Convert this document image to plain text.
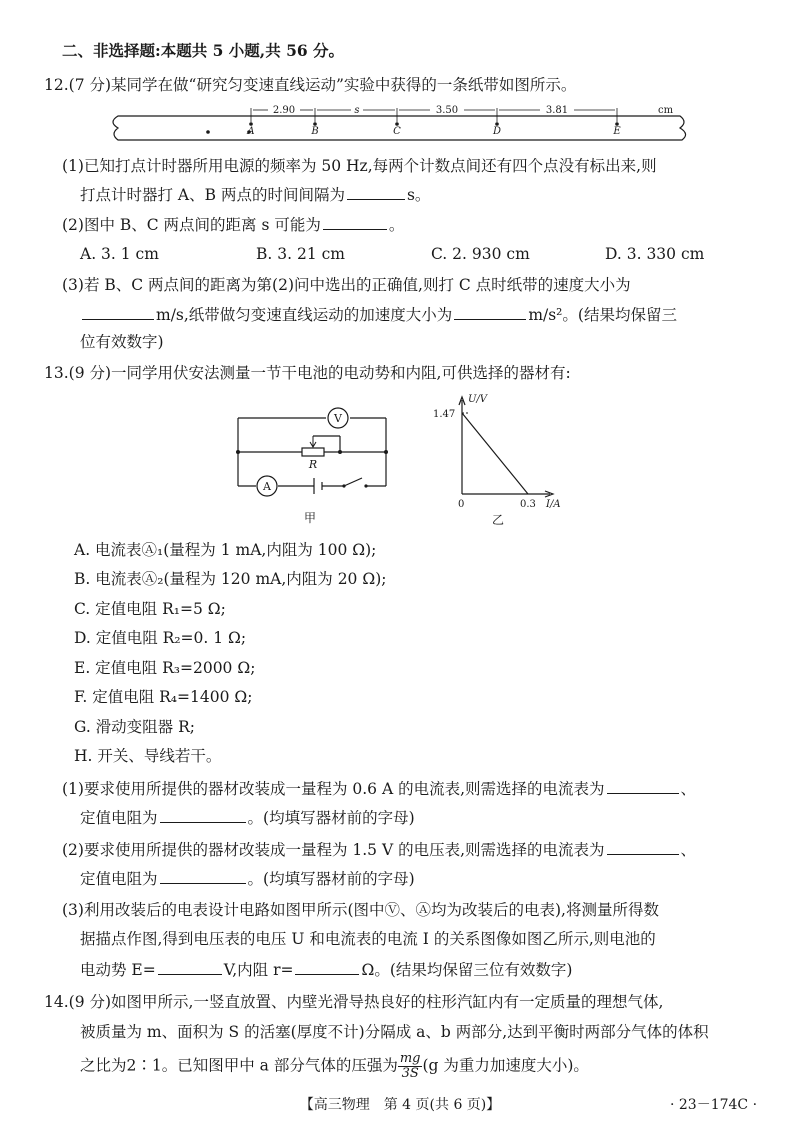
二、非选择题:本题共 5 小题,共 56 分。
12.(7 分)某同学在做“研究匀变速直线运动”实验中获得的一条纸带如图所示。
2.90	s	3.50	3.81	cm
A	B	C	D	E
(1)已知打点计时器所用电源的频率为 50 Hz,每两个计数点间还有四个点没有标出来,则
打点计时器打 A、B 两点的时间间隔为	s。
(2)图中 B、C 两点间的距离 s 可能为	。
A. 3. 1 cm	B. 3. 21 cm	C. 2. 930 cm	D. 3. 330 cm
(3)若 B、C 两点间的距离为第(2)问中选出的正确值,则打 C 点时纸带的速度大小为
m/s,纸带做匀变速直线运动的加速度大小为	m/s²。(结果均保留三
位有效数字)
13.(9 分)一同学用伏安法测量一节干电池的电动势和内阻,可供选择的器材有:
V
A
R
甲
U/V
1.47
0	0.3 I/A
乙
A. 电流表Ⓐ₁(量程为 1 mA,内阻为 100 Ω);
B. 电流表Ⓐ₂(量程为 120 mA,内阻为 20 Ω);
C. 定值电阻 R₁=5 Ω;
D. 定值电阻 R₂=0. 1 Ω;
E. 定值电阻 R₃=2000 Ω;
F. 定值电阻 R₄=1400 Ω;
G. 滑动变阻器 R;
H. 开关、导线若干。
(1)要求使用所提供的器材改装成一量程为 0.6 A 的电流表,则需选择的电流表为	、
定值电阻为	。(均填写器材前的字母)
(2)要求使用所提供的器材改装成一量程为 1.5 V 的电压表,则需选择的电流表为	、
定值电阻为	。(均填写器材前的字母)
(3)利用改装后的电表设计电路如图甲所示(图中Ⓥ、Ⓐ均为改装后的电表),将测量所得数
据描点作图,得到电压表的电压 U 和电流表的电流 I 的关系图像如图乙所示,则电池的
电动势 E=	V,内阻 r=	Ω。(结果均保留三位有效数字)
14.(9 分)如图甲所示,一竖直放置、内壁光滑导热良好的柱形汽缸内有一定质量的理想气体,
被质量为 m、面积为 S 的活塞(厚度不计)分隔成 a、b 两部分,达到平衡时两部分气体的体积
之比为2∶1。已知图甲中 a 部分气体的压强为 $\frac{mg}{3S} (g$ 为重力加速度大小)。
【高三物理　第 4 页(共 6 页)】	· 23－174C ·
